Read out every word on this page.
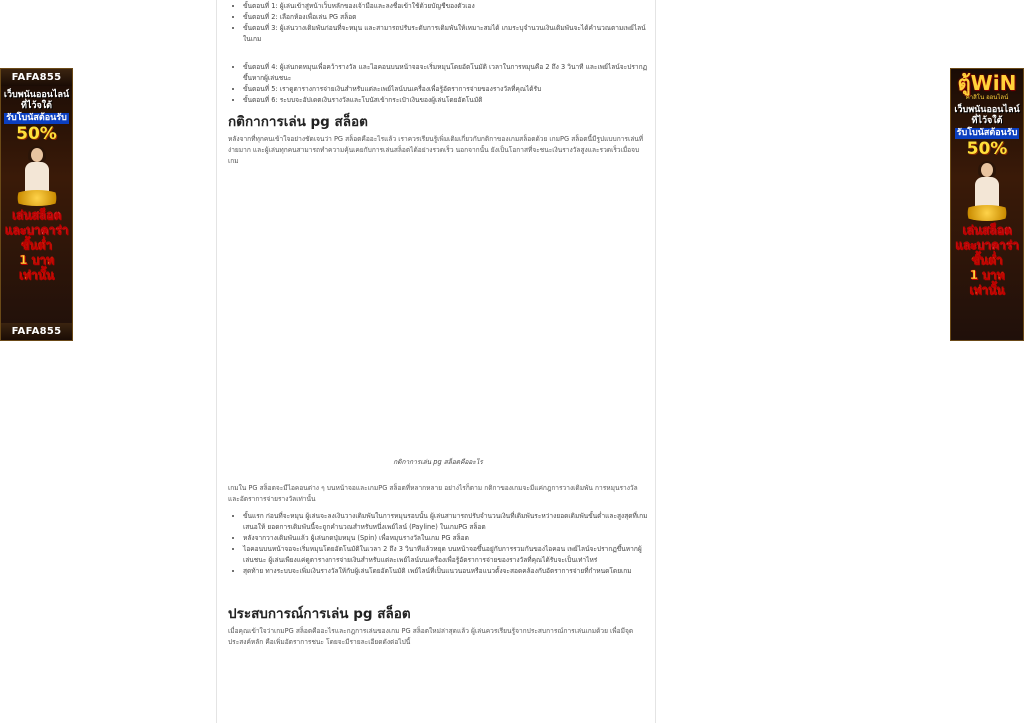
FAFA855
เว็บพนันออนไลน์
ที่ไว้จใต้
รับโบนัสต้อนรับ
50%
เล่นสล็อต
และบาคาร่า
ขั้นต่ำ
1 บาท
เท่านั้น
FAFA855
ตู้WiN
คาสิโน ออนไลน์
เว็บพนันออนไลน์
ที่ไว้จใต้
รับโบนัสต้อนรับ
50%
เล่นสล็อต
และบาคาร่า
ขั้นต่ำ
1 บาท
เท่านั้น
• ขั้นตอนที่ 1: ผู้เล่นเข้าสู่หน้าเว็บหลักของเจ้ามือและลงชื่อเข้าใช้ด้วยบัญชีของตัวเอง
• ขั้นตอนที่ 2: เลือกห้องเพื่อเล่น PG สล็อต
• ขั้นตอนที่ 3: ผู้เล่นวางเดิมพันก่อนที่จะหมุน และสามารถปรับระดับการเดิมพันให้เหมาะสมได้ เกมระบุจำนวนเงินเดิมพันจะได้คำนวณตามเพย์ไลน์ในเกม
• ขั้นตอนที่ 4: ผู้เล่นกดหมุนเพื่อคว้ารางวัล และไอคอนบนหน้าจอจะเริ่มหมุนโดยอัตโนมัติ เวลาในการหมุนคือ 2 ถึง 3 วินาที และเพย์ไลน์จะปรากฏขึ้นหากผู้เล่นชนะ
• ขั้นตอนที่ 5: เราดูตารางการจ่ายเงินสำหรับแต่ละเพย์ไลน์บนเครื่องเพื่อรู้อัตราการจ่ายของรางวัลที่คุณได้รับ
• ขั้นตอนที่ 6: ระบบจะอัปเดตเงินรางวัลและโบนัสเข้ากระเป๋าเงินของผู้เล่นโดยอัตโนมัติ
กติกาการเล่น pg สล็อต

หลังจากที่ทุกคนเข้าใจอย่างชัดเจนว่า PG สล็อตคืออะไรแล้ว เราควรเรียนรู้เพิ่มเติมเกี่ยวกับกติกาของเกมสล็อตด้วย เกมPG สล็อตนี้มีรูปแบบการเล่นที่ง่ายมาก และผู้เล่นทุกคนสามารถทำความคุ้นเคยกับการเล่นสล็อตได้อย่างรวดเร็ว นอกจากนั้น ยังเป็นโอกาสที่จะชนะเงินรางวัลสูงและรวดเร็วเมื่อจบเกม

กติกาการเล่น pg สล็อตคืออะไร

เกมใน PG สล็อตจะมีไอคอนต่าง ๆ บนหน้าจอและเกมPG สล็อตที่หลากหลาย อย่างไรก็ตาม กติกาของเกมจะมีแค่กฎการวางเดิมพัน การหมุนรางวัล และอัตราการจ่ายรางวัลเท่านั้น

• ขั้นแรก ก่อนที่จะหมุน ผู้เล่นจะลงเงินวางเดิมพันในการหมุนรอบนั้น ผู้เล่นสามารถปรับจำนวนเงินที่เดิมพันระหว่างยอดเดิมพันขั้นต่ำและสูงสุดที่เกมเสนอให้ ยอดการเดิมพันนี้จะถูกคำนวณสำหรับหนึ่งเพย์ไลน์ (Payline) ในเกมPG สล็อต
• หลังจากวางเดิมพันแล้ว ผู้เล่นกดปุ่มหมุน (Spin) เพื่อหมุนรางวัลในเกม PG สล็อต
• ไอคอนบนหน้าจอจะเริ่มหมุนโดยอัตโนมัติในเวลา 2 ถึง 3 วินาทีแล้วหยุด บนหน้าจอขึ้นอยู่กับการรวมกันของไอคอน เพย์ไลน์จะปรากฏขึ้นหากผู้เล่นชนะ ผู้เล่นเพียงแค่ดูตารางการจ่ายเงินสำหรับแต่ละเพย์ไลน์บนเครื่องเพื่อรู้อัตราการจ่ายของรางวัลที่คุณได้รับจะเป็นเท่าไหร่
• สุดท้าย ทางระบบจะเพิ่มเงินรางวัลให้กับผู้เล่นโดยอัตโนมัติ เพย์ไลน์ที่เป็นแนวนอนหรือแนวตั้งจะสอดคล้องกับอัตราการจ่ายที่กำหนดโดยเกม
ประสบการณ์การเล่น pg สล็อต

เมื่อคุณเข้าใจว่าเกมPG สล็อตคืออะไรและกฎการเล่นของเกม PG สล็อตใหม่ล่าสุดแล้ว ผู้เล่นควรเรียนรู้จากประสบการณ์การเล่นเกมด้วย เพื่อมีจุดประสงค์หลัก คือเพิ่มอัตราการชนะ โดยจะมีรายละเอียดดังต่อไปนี้
